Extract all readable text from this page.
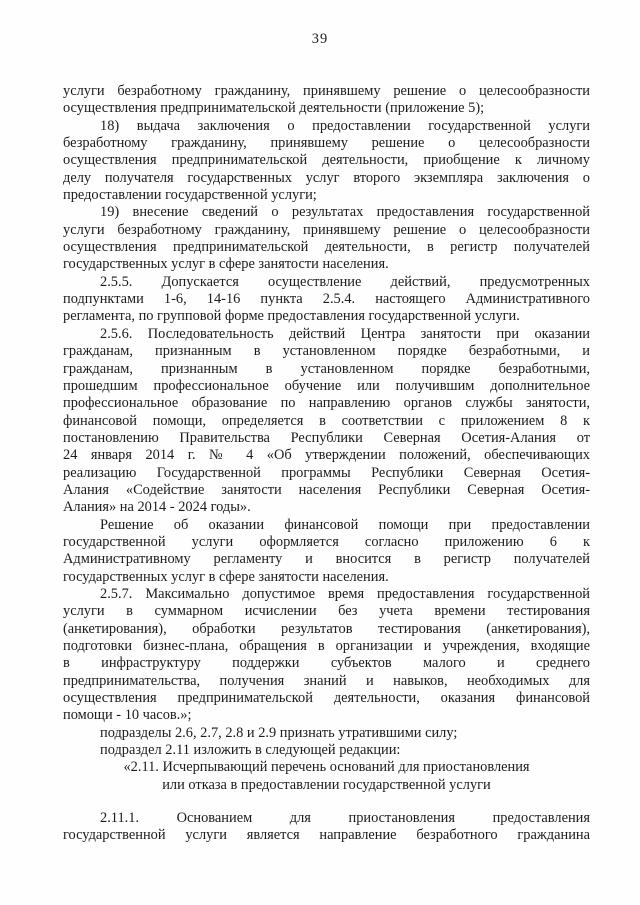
39
услуги безработному гражданину, принявшему решение о целесообразности
осуществления предпринимательской деятельности (приложение 5);
18) выдача заключения о предоставлении государственной услуги
безработному гражданину, принявшему решение о целесообразности
осуществления предпринимательской деятельности, приобщение к личному
делу получателя государственных услуг второго экземпляра заключения о
предоставлении государственной услуги;
19) внесение сведений о результатах предоставления государственной
услуги безработному гражданину, принявшему решение о целесообразности
осуществления предпринимательской деятельности, в регистр получателей
государственных услуг в сфере занятости населения.
2.5.5. Допускается осуществление действий, предусмотренных
подпунктами 1-6, 14-16 пункта 2.5.4. настоящего Административного
регламента, по групповой форме предоставления государственной услуги.
2.5.6. Последовательность действий Центра занятости при оказании
гражданам, признанным в установленном порядке безработными, и
гражданам, признанным в установленном порядке безработными,
прошедшим профессиональное обучение или получившим дополнительное
профессиональное образование по направлению органов службы занятости,
финансовой помощи, определяется в соответствии с приложением 8 к
постановлению Правительства Республики Северная Осетия-Алания от
24 января 2014 г. № 4 «Об утверждении положений, обеспечивающих
реализацию Государственной программы Республики Северная Осетия-
Алания «Содействие занятости населения Республики Северная Осетия-
Алания» на 2014 - 2024 годы».
Решение об оказании финансовой помощи при предоставлении
государственной услуги оформляется согласно приложению 6 к
Административному регламенту и вносится в регистр получателей
государственных услуг в сфере занятости населения.
2.5.7. Максимально допустимое время предоставления государственной
услуги в суммарном исчислении без учета времени тестирования
(анкетирования), обработки результатов тестирования (анкетирования),
подготовки бизнес-плана, обращения в организации и учреждения, входящие
в инфраструктуру поддержки субъектов малого и среднего
предпринимательства, получения знаний и навыков, необходимых для
осуществления предпринимательской деятельности, оказания финансовой
помощи - 10 часов.»;
подразделы 2.6, 2.7, 2.8 и 2.9 признать утратившими силу;
подраздел 2.11 изложить в следующей редакции:
«2.11. Исчерпывающий перечень оснований для приостановления
или отказа в предоставлении государственной услуги
2.11.1. Основанием для приостановления предоставления
государственной услуги является направление безработного гражданина
